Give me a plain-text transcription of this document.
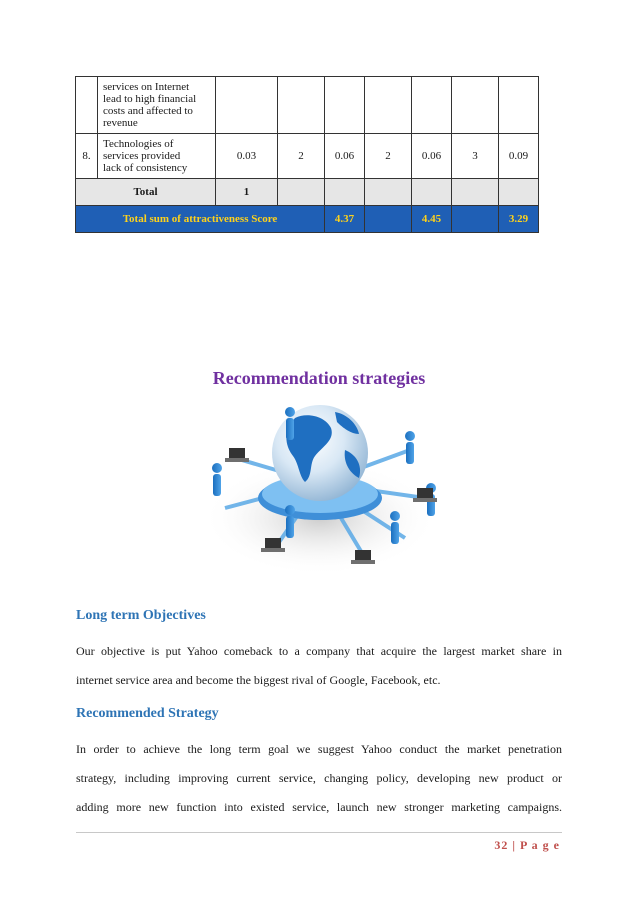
	services on Internet
lead to high financial
costs and affected to
revenue							

8.	Technologies of
services provided
lack of consistency	0.03	2	0.06	2	0.06	3	0.09
Total		1						
Total sum of attractiveness Score				4.37		4.45		3.29
Recommendation strategies
Long term Objectives
Our objective is put Yahoo comeback to a company that acquire the largest market share in
internet service area and become the biggest rival of Google, Facebook, etc.
Recommended Strategy
In order to achieve the long term goal we suggest Yahoo conduct the market penetration
strategy, including improving current service, changing policy, developing new product or
adding more new function into existed service, launch new stronger marketing campaigns.
32 | P a g e
